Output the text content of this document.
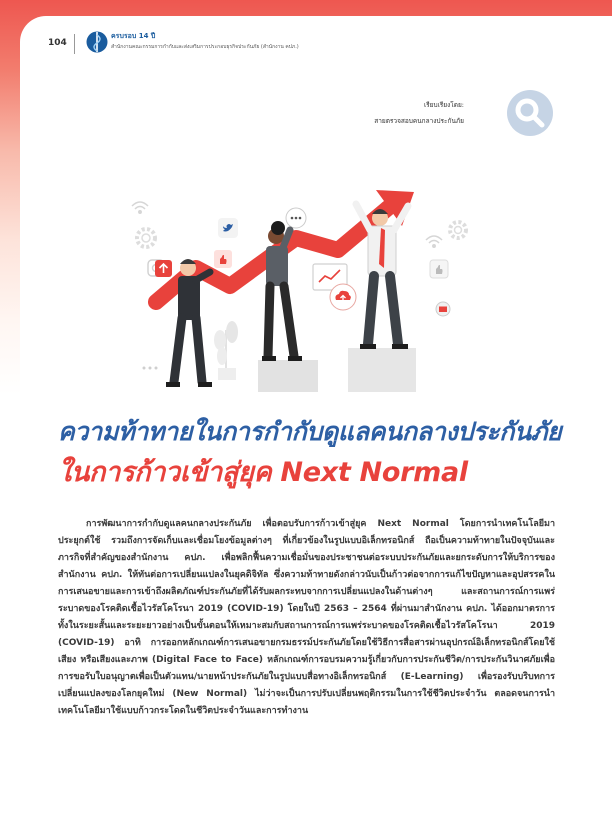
104
ครบรอบ 14 ปี
สำนักงานคณะกรรมการกำกับและส่งเสริมการประกอบธุรกิจประกันภัย (สำนักงาน คปภ.)
เรียบเรียงโดย:
สายตรวจสอบคนกลางประกันภัย
ความท้าทายในการกำกับดูแลคนกลางประกันภัย
ในการก้าวเข้าสู่ยุค Next Normal

การพัฒนาการกำกับดูแลคนกลางประกันภัย เพื่อตอบรับการก้าวเข้าสู่ยุค Next Normal โดยการนำเทคโนโลยีมาประยุกต์ใช้ รวมถึงการจัดเก็บและเชื่อมโยงข้อมูลต่างๆ ที่เกี่ยวข้องในรูปแบบอิเล็กทรอนิกส์ ถือเป็นความท้าทายในปัจจุบันและภารกิจที่สำคัญของสำนักงาน คปภ. เพื่อพลิกฟื้นความเชื่อมั่นของประชาชนต่อระบบประกันภัยและยกระดับการให้บริการของสำนักงาน คปภ. ให้ทันต่อการเปลี่ยนแปลงในยุคดิจิทัล ซึ่งความท้าทายดังกล่าวนับเป็นก้าวต่อจากการแก้ไขปัญหาและอุปสรรคในการเสนอขายและการเข้าถึงผลิตภัณฑ์ประกันภัยที่ได้รับผลกระทบจากการเปลี่ยนแปลงในด้านต่างๆ และสถานการณ์การแพร่ระบาดของโรคติดเชื้อไวรัสโคโรนา 2019 (COVID-19) โดยในปี 2563 – 2564 ที่ผ่านมาสำนักงาน คปภ. ได้ออกมาตรการทั้งในระยะสั้นและระยะยาวอย่างเป็นขั้นตอนให้เหมาะสมกับสถานการณ์การแพร่ระบาดของโรคติดเชื้อไวรัสโคโรนา 2019 (COVID-19) อาทิ การออกหลักเกณฑ์การเสนอขายกรมธรรม์ประกันภัยโดยใช้วิธีการสื่อสารผ่านอุปกรณ์อิเล็กทรอนิกส์โดยใช้เสียง หรือเสียงและภาพ (Digital Face to Face) หลักเกณฑ์การอบรมความรู้เกี่ยวกับการประกันชีวิต/การประกันวินาศภัยเพื่อการขอรับใบอนุญาตเพื่อเป็นตัวแทน/นายหน้าประกันภัยในรูปแบบสื่อทางอิเล็กทรอนิกส์ (E-Learning) เพื่อรองรับบริบทการเปลี่ยนแปลงของโลกยุคใหม่ (New Normal) ไม่ว่าจะเป็นการปรับเปลี่ยนพฤติกรรมในการใช้ชีวิตประจำวัน ตลอดจนการนำเทคโนโลยีมาใช้แบบก้าวกระโดดในชีวิตประจำวันและการทำงาน
